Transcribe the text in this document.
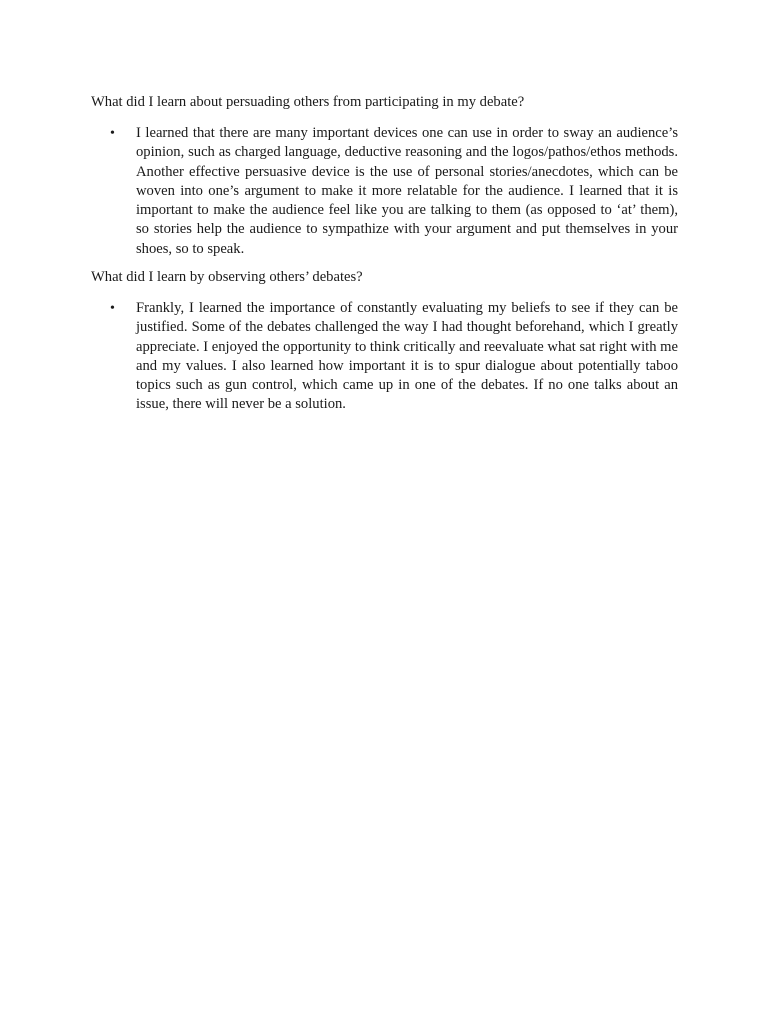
What did I learn about persuading others from participating in my debate?

• I learned that there are many important devices one can use in order to sway an audience’s opinion, such as charged language, deductive reasoning and the logos/pathos/ethos methods. Another effective persuasive device is the use of personal stories/anecdotes, which can be woven into one’s argument to make it more relatable for the audience. I learned that it is important to make the audience feel like you are talking to them (as opposed to ‘at’ them), so stories help the audience to sympathize with your argument and put themselves in your shoes, so to speak.

What did I learn by observing others’ debates?

• Frankly, I learned the importance of constantly evaluating my beliefs to see if they can be justified. Some of the debates challenged the way I had thought beforehand, which I greatly appreciate. I enjoyed the opportunity to think critically and reevaluate what sat right with me and my values. I also learned how important it is to spur dialogue about potentially taboo topics such as gun control, which came up in one of the debates. If no one talks about an issue, there will never be a solution.
